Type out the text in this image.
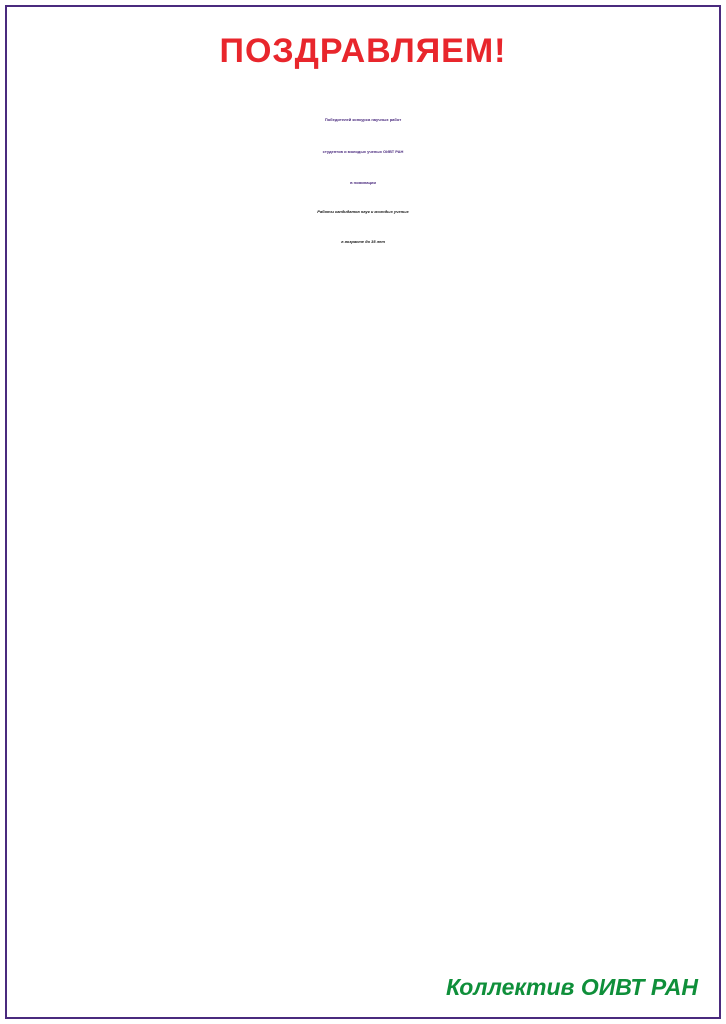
ПОЗДРАВЛЯЕМ!
Победителей конкурса научных работ
студентов и молодых ученых ОИВТ РАН
в номинации
Работы кандидатов наук и молодых ученых
в возрасте до 35 лет
Коллектив ОИВТ РАН
